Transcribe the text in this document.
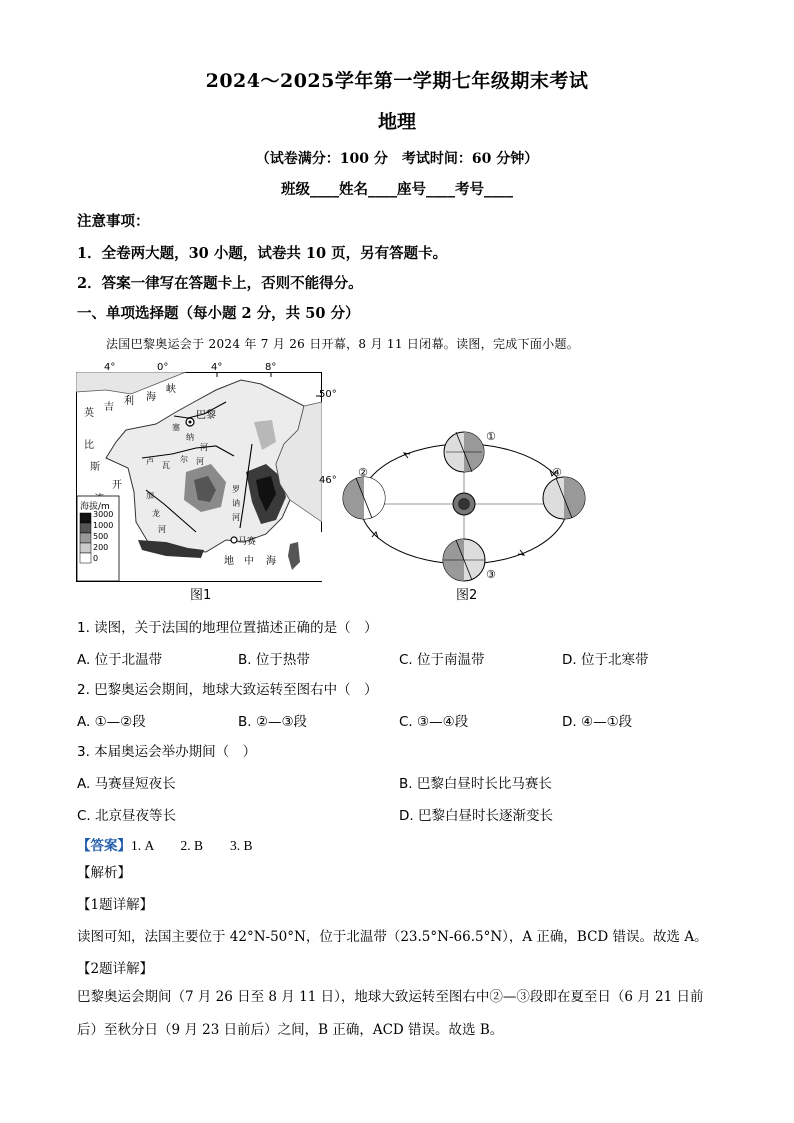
2024～2025学年第一学期七年级期末考试
地理
（试卷满分：100 分　考试时间：60 分钟）
班级____姓名____座号____考号____
注意事项：
1．全卷两大题，30 小题，试卷共 10 页，另有答题卡。
2．答案一律写在答题卡上，否则不能得分。
一、单项选择题（每小题 2 分，共 50 分）
法国巴黎奥运会于 2024 年 7 月 26 日开幕，8 月 11 日闭幕。读图，完成下面小题。
巴黎
马赛
英
吉
利 海
峡
比
斯
开
塞
纳
河
卢 瓦
尔 河
加
龙
河
罗
讷
河
地 中 海
海拔/m
3000
1000
500
200
0
4°	0°	4°	8°
50°
46°
图1
①
②
③
④
图2
1. 读图，关于法国的地理位置描述正确的是（　）
A. 位于北温带	B. 位于热带	C. 位于南温带	D. 位于北寒带
2. 巴黎奥运会期间，地球大致运转至图右中（　）
A. ①—②段	B. ②—③段	C. ③—④段	D. ④—①段
3. 本届奥运会举办期间（　）
A. 马赛昼短夜长	B. 巴黎白昼时长比马赛长
C. 北京昼夜等长	D. 巴黎白昼时长逐渐变长
【答案】1. A　　2. B　　3. B
【解析】
【1题详解】
读图可知，法国主要位于 42°N-50°N，位于北温带（23.5°N-66.5°N），A 正确，BCD 错误。故选 A。
【2题详解】
巴黎奥运会期间（7 月 26 日至 8 月 11 日），地球大致运转至图右中②—③段即在夏至日（6 月 21 日前后）至秋分日（9 月 23 日前后）之间，B 正确，ACD 错误。故选 B。
